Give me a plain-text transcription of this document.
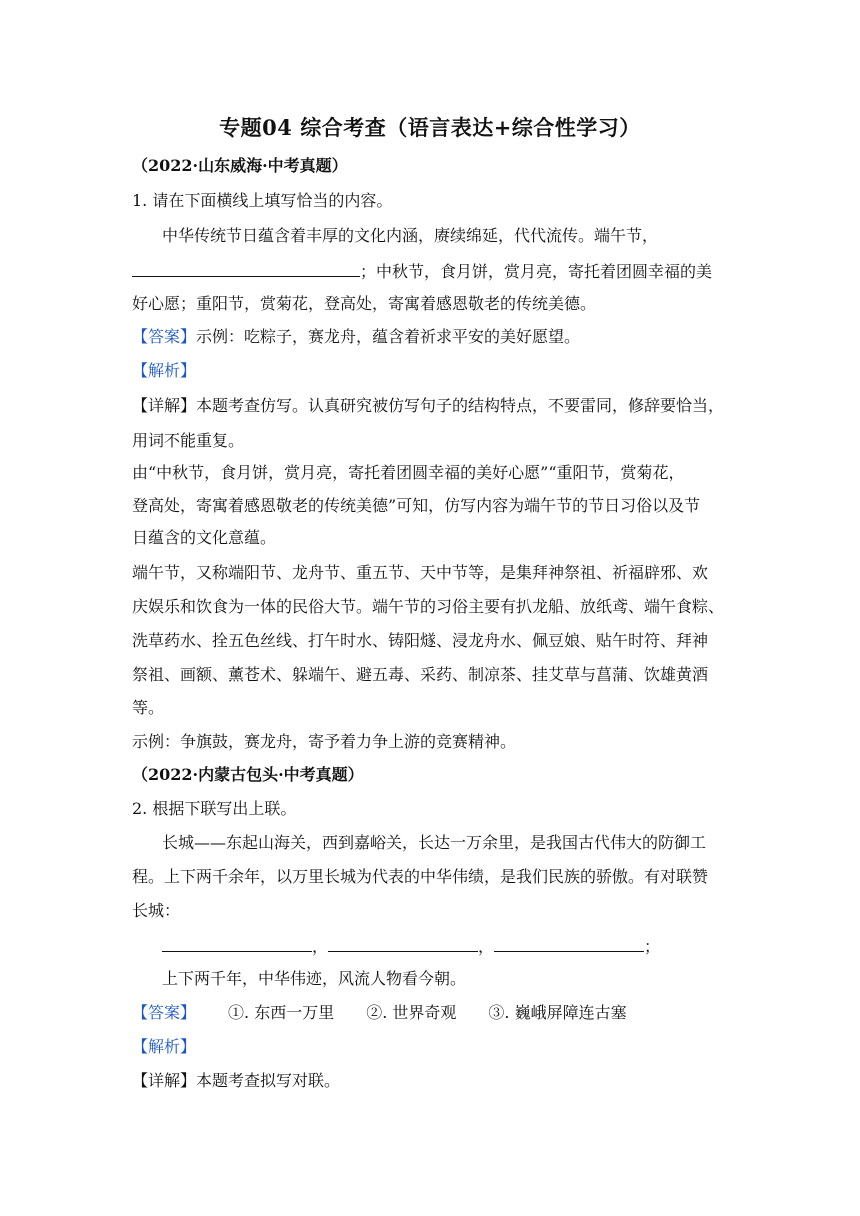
专题04 综合考查（语言表达+综合性学习）
（2022·山东威海·中考真题）
1. 请在下面横线上填写恰当的内容。
中华传统节日蕴含着丰厚的文化内涵，赓续绵延，代代流传。端午节，
；中秋节，食月饼，赏月亮，寄托着团圆幸福的美
好心愿；重阳节，赏菊花，登高处，寄寓着感恩敬老的传统美德。
【答案】示例：吃粽子，赛龙舟，蕴含着祈求平安的美好愿望。
【解析】
【详解】本题考查仿写。认真研究被仿写句子的结构特点，不要雷同，修辞要恰当，
用词不能重复。
由“中秋节，食月饼，赏月亮，寄托着团圆幸福的美好心愿”“重阳节，赏菊花，
登高处，寄寓着感恩敬老的传统美德”可知，仿写内容为端午节的节日习俗以及节
日蕴含的文化意蕴。
端午节，又称端阳节、龙舟节、重五节、天中节等，是集拜神祭祖、祈福辟邪、欢
庆娱乐和饮食为一体的民俗大节。端午节的习俗主要有扒龙船、放纸鸢、端午食粽、
洗草药水、拴五色丝线、打午时水、铸阳燧、浸龙舟水、佩豆娘、贴午时符、拜神
祭祖、画额、薰苍术、躲端午、避五毒、采药、制凉茶、挂艾草与菖蒲、饮雄黄酒
等。
示例：争旗鼓，赛龙舟，寄予着力争上游的竞赛精神。
（2022·内蒙古包头·中考真题）
2. 根据下联写出上联。
长城——东起山海关，西到嘉峪关，长达一万余里，是我国古代伟大的防御工
程。上下两千余年，以万里长城为代表的中华伟绩，是我们民族的骄傲。有对联赞
长城：
，	，	；
上下两千年，中华伟迹，风流人物看今朝。
【答案】 ①. 东西一万里 ②. 世界奇观 ③. 巍峨屏障连古塞
【解析】
【详解】本题考查拟写对联。
